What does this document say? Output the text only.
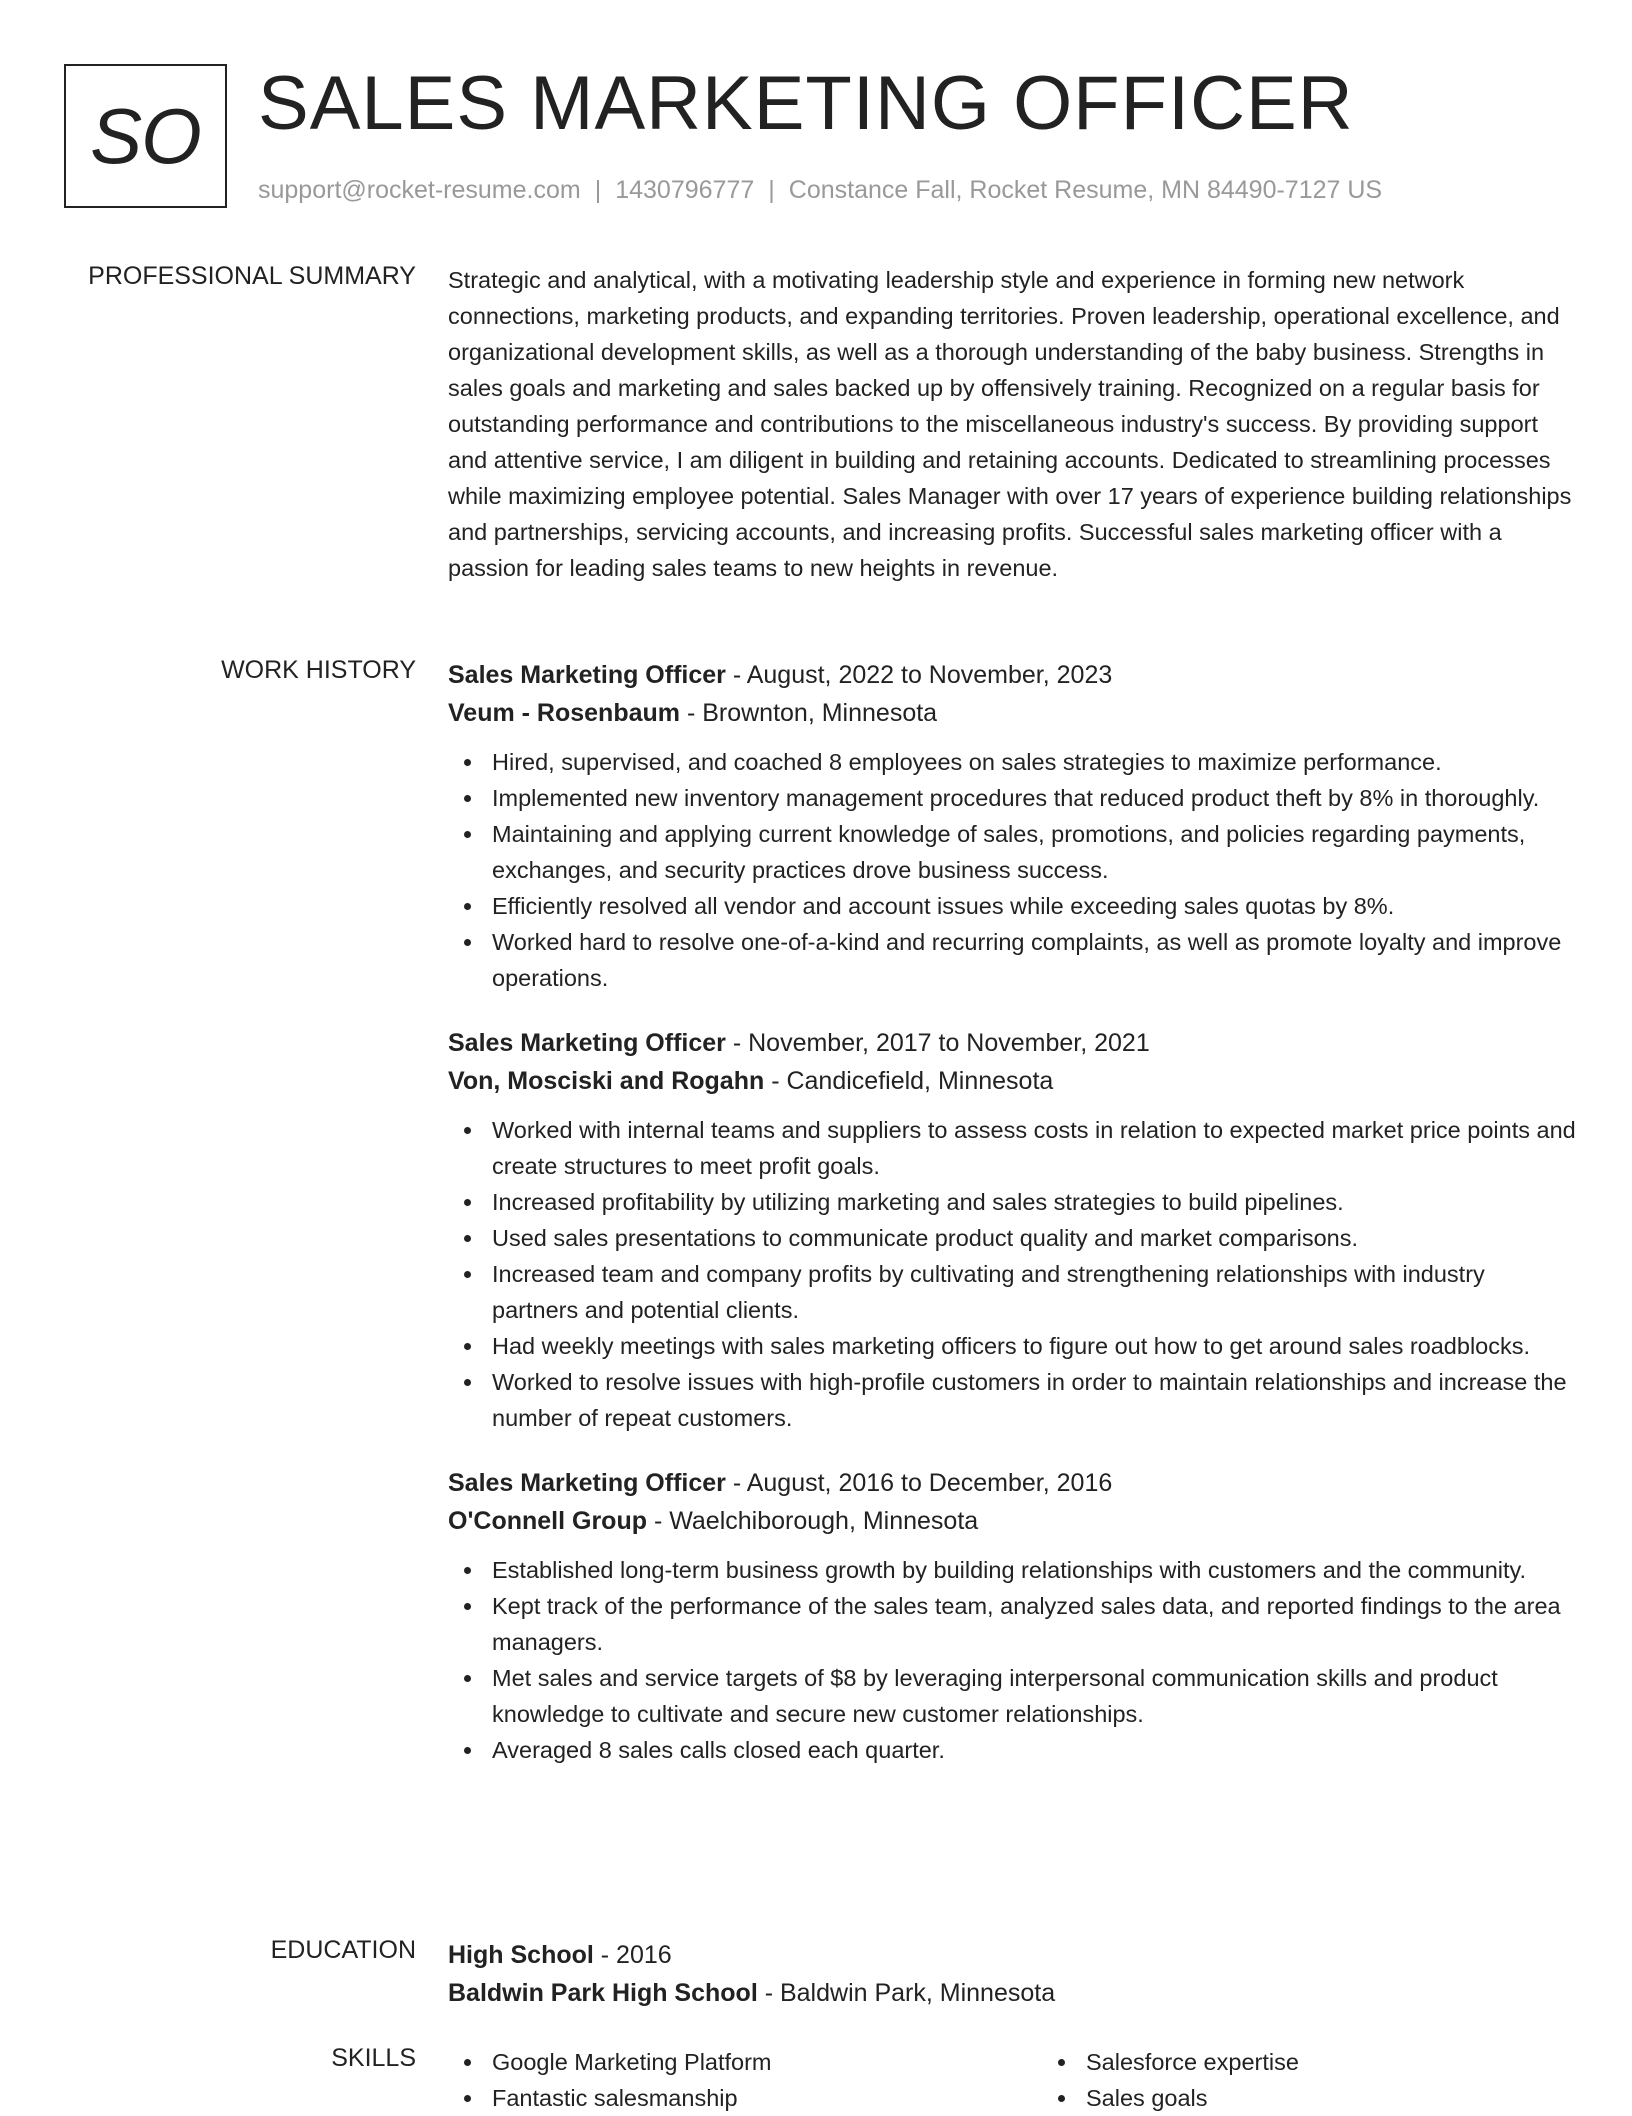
SO SALES MARKETING OFFICER
support@rocket-resume.com | 1430796777 | Constance Fall, Rocket Resume, MN 84490-7127 US
PROFESSIONAL SUMMARY Strategic and analytical, with a motivating leadership style and experience in forming new network connections, marketing products, and expanding territories. Proven leadership, operational excellence, and organizational development skills, as well as a thorough understanding of the baby business. Strengths in sales goals and marketing and sales backed up by offensively training. Recognized on a regular basis for outstanding performance and contributions to the miscellaneous industry's success. By providing support and attentive service, I am diligent in building and retaining accounts. Dedicated to streamlining processes while maximizing employee potential. Sales Manager with over 17 years of experience building relationships and partnerships, servicing accounts, and increasing profits. Successful sales marketing officer with a passion for leading sales teams to new heights in revenue.

WORK HISTORY Sales Marketing Officer - August, 2022 to November, 2023
Veum - Rosenbaum - Brownton, Minnesota
Hired, supervised, and coached 8 employees on sales strategies to maximize performance.
Implemented new inventory management procedures that reduced product theft by 8% in thoroughly.
Maintaining and applying current knowledge of sales, promotions, and policies regarding payments, exchanges, and security practices drove business success.
Efficiently resolved all vendor and account issues while exceeding sales quotas by 8%.
Worked hard to resolve one-of-a-kind and recurring complaints, as well as promote loyalty and improve operations.
Sales Marketing Officer - November, 2017 to November, 2021
Von, Mosciski and Rogahn - Candicefield, Minnesota
Worked with internal teams and suppliers to assess costs in relation to expected market price points and create structures to meet profit goals.
Increased profitability by utilizing marketing and sales strategies to build pipelines.
Used sales presentations to communicate product quality and market comparisons.
Increased team and company profits by cultivating and strengthening relationships with industry partners and potential clients.
Had weekly meetings with sales marketing officers to figure out how to get around sales roadblocks.
Worked to resolve issues with high-profile customers in order to maintain relationships and increase the number of repeat customers.
Sales Marketing Officer - August, 2016 to December, 2016
O'Connell Group - Waelchiborough, Minnesota
Established long-term business growth by building relationships with customers and the community.
Kept track of the performance of the sales team, analyzed sales data, and reported findings to the area managers.
Met sales and service targets of $8 by leveraging interpersonal communication skills and product knowledge to cultivate and secure new customer relationships.
Averaged 8 sales calls closed each quarter.
EDUCATION High School - 2016
Baldwin Park High School - Baldwin Park, Minnesota
SKILLS	Google Marketing Platform
Fantastic salesmanship
Salesforce expertise
Sales goals
